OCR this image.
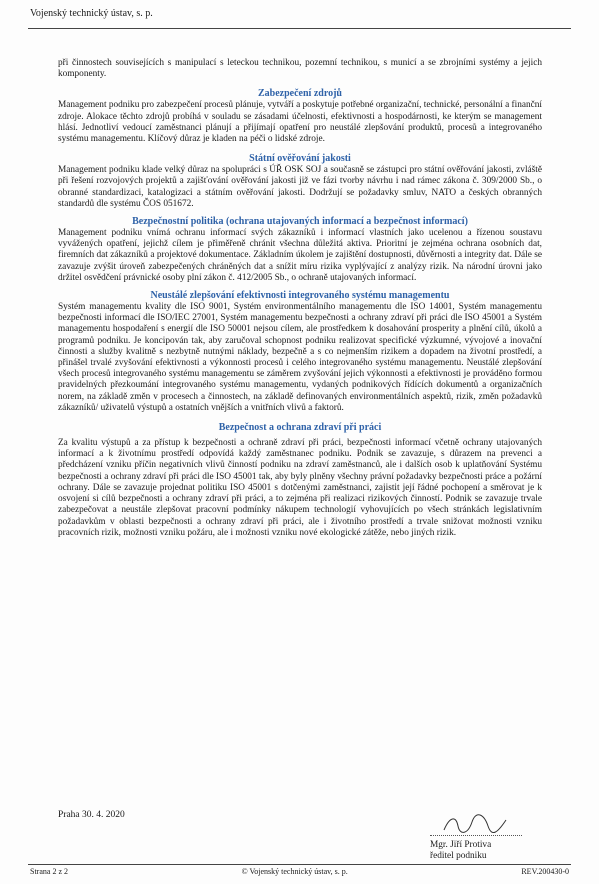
Vojenský technický ústav, s. p.

při činnostech souvisejících s manipulací s leteckou technikou, pozemní technikou, s municí a se zbrojními systémy a jejich komponenty.

Zabezpečení zdrojů

Management podniku pro zabezpečení procesů plánuje, vytváří a poskytuje potřebné organizační, technické, personální a finanční zdroje. Alokace těchto zdrojů probíhá v souladu se zásadami účelnosti, efektivnosti a hospodárnosti, ke kterým se management hlásí. Jednotliví vedoucí zaměstnanci plánují a přijímají opatření pro neustálé zlepšování produktů, procesů a integrovaného systému managementu. Klíčový důraz je kladen na péči o lidské zdroje.

Státní ověřování jakosti

Management podniku klade velký důraz na spolupráci s ÚŘ OSK SOJ a současně se zástupci pro státní ověřování jakosti, zvláště při řešení rozvojových projektů a zajišťování ověřování jakosti již ve fázi tvorby návrhu i nad rámec zákona č. 309/2000 Sb., o obranné standardizaci, katalogizaci a státním ověřování jakosti. Dodržují se požadavky smluv, NATO a českých obranných standardů dle systému ČOS 051672.

Bezpečnostní politika (ochrana utajovaných informací a bezpečnost informací)

Management podniku vnímá ochranu informací svých zákazníků i informací vlastních jako ucelenou a řízenou soustavu vyvážených opatření, jejichž cílem je přiměřeně chránit všechna důležitá aktiva. Prioritní je zejména ochrana osobních dat, firemních dat zákazníků a projektové dokumentace. Základním úkolem je zajištění dostupnosti, důvěrnosti a integrity dat. Dále se zavazuje zvýšit úroveň zabezpečených chráněných dat a snížit míru rizika vyplývající z analýzy rizik. Na národní úrovni jako držitel osvědčení právnické osoby plní zákon č. 412/2005 Sb., o ochraně utajovaných informací.

Neustálé zlepšování efektivnosti integrovaného systému managementu

Systém managementu kvality dle ISO 9001, Systém environmentálního managementu dle ISO 14001, Systém managementu bezpečnosti informací dle ISO/IEC 27001, Systém managementu bezpečnosti a ochrany zdraví při práci dle ISO 45001 a Systém managementu hospodaření s energií dle ISO 50001 nejsou cílem, ale prostředkem k dosahování prosperity a plnění cílů, úkolů a programů podniku. Je koncipován tak, aby zaručoval schopnost podniku realizovat specifické výzkumné, vývojové a inovační činnosti a služby kvalitně s nezbytně nutnými náklady, bezpečně a s co nejmenším rizikem a dopadem na životní prostředí, a přinášel trvalé zvyšování efektivnosti a výkonnosti procesů i celého integrovaného systému managementu. Neustálé zlepšování všech procesů integrovaného systému managementu se záměrem zvyšování jejich výkonnosti a efektivnosti je prováděno formou pravidelných přezkoumání integrovaného systému managementu, vydaných podnikových řídících dokumentů a organizačních norem, na základě změn v procesech a činnostech, na základě definovaných environmentálních aspektů, rizik, změn požadavků zákazníků/ uživatelů výstupů a ostatních vnějších a vnitřních vlivů a faktorů.

Bezpečnost a ochrana zdraví při práci

Za kvalitu výstupů a za přístup k bezpečnosti a ochraně zdraví při práci, bezpečnosti informací včetně ochrany utajovaných informací a k životnímu prostředí odpovídá každý zaměstnanec podniku. Podnik se zavazuje, s důrazem na prevenci a předcházení vzniku příčin negativních vlivů činností podniku na zdraví zaměstnanců, ale i dalších osob k uplatňování Systému bezpečnosti a ochrany zdraví při práci dle ISO 45001 tak, aby byly plněny všechny právní požadavky bezpečnosti práce a požární ochrany. Dále se zavazuje projednat politiku ISO 45001 s dotčenými zaměstnanci, zajistit její řádné pochopení a směrovat je k osvojení si cílů bezpečnosti a ochrany zdraví při práci, a to zejména při realizaci rizikových činností. Podnik se zavazuje trvale zabezpečovat a neustále zlepšovat pracovní podmínky nákupem technologií vyhovujících po všech stránkách legislativním požadavkům v oblasti bezpečnosti a ochrany zdraví při práci, ale i životního prostředí a trvale snižovat možnosti vzniku pracovních rizik, možnosti vzniku požáru, ale i možnosti vzniku nové ekologické zátěže, nebo jiných rizik.

Praha 30. 4. 2020
Mgr. Jiří Protiva
ředitel podniku
Strana 2 z 2	© Vojenský technický ústav, s. p.	REV.200430-0
